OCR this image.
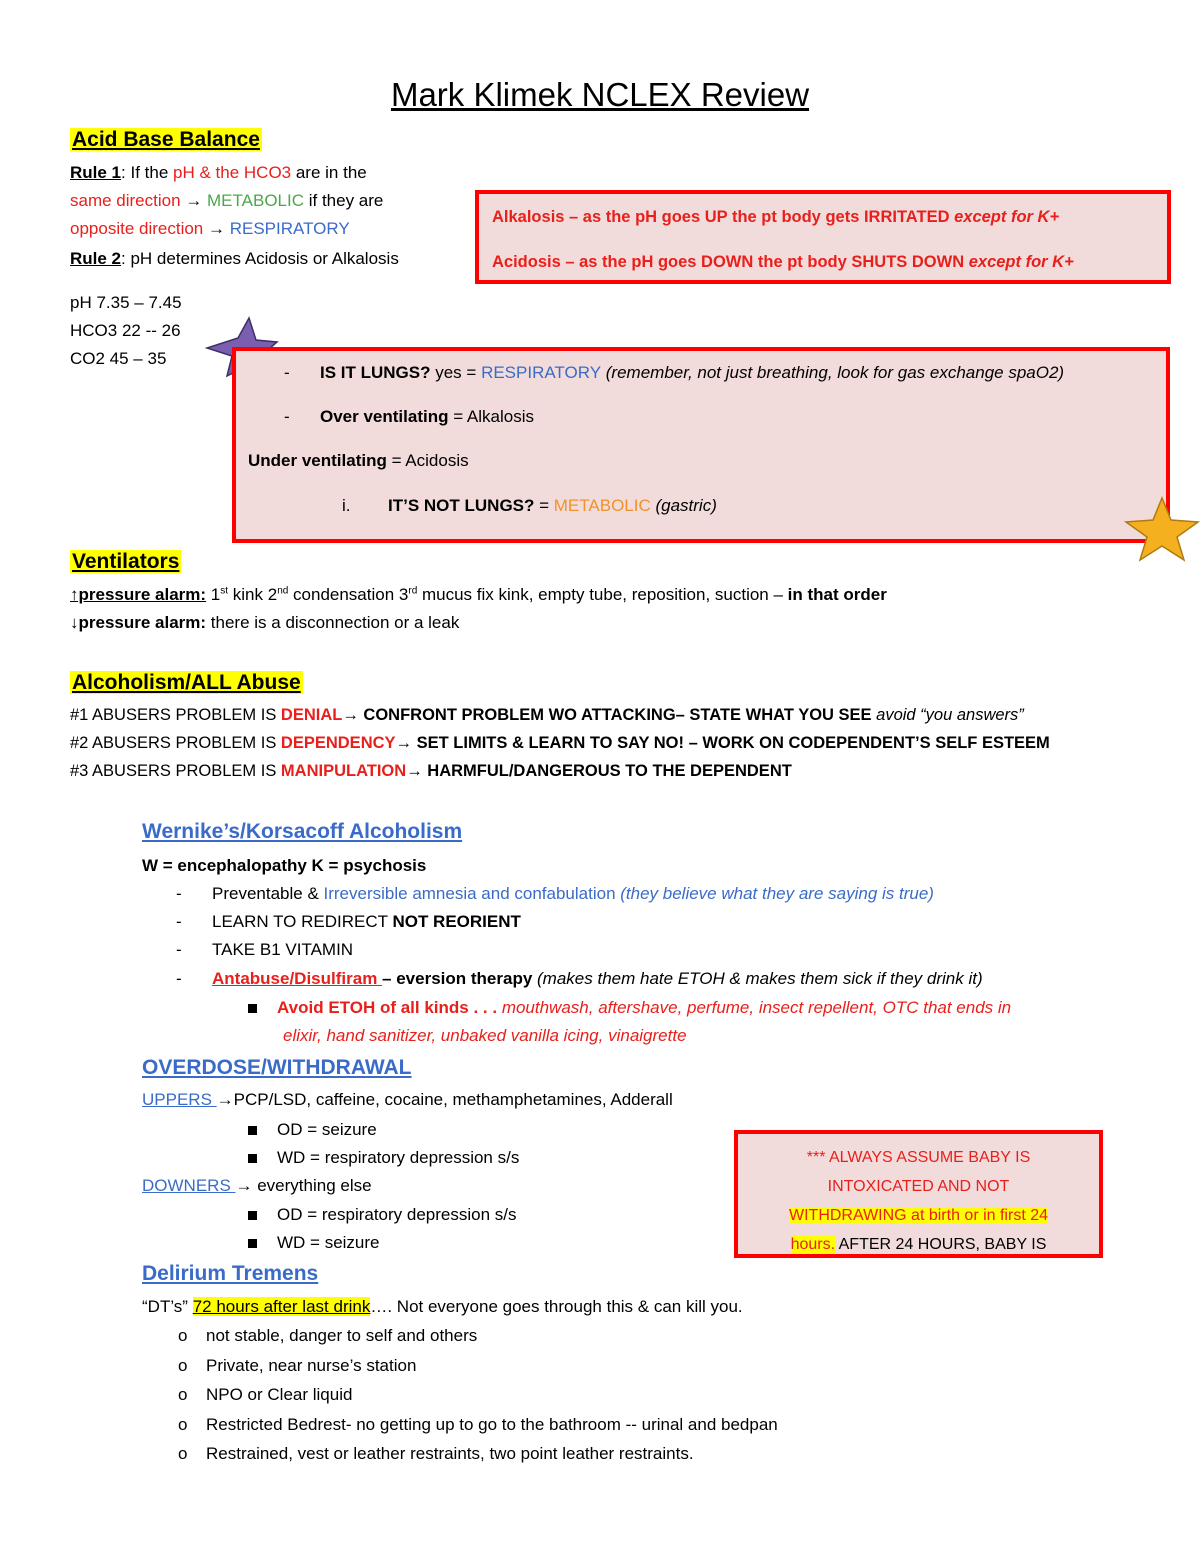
Mark Klimek NCLEX Review
Acid Base Balance
Rule 1: If the pH & the HCO3 are in the
same direction → METABOLIC if they are
opposite direction → RESPIRATORY
Rule 2: pH determines Acidosis or Alkalosis
pH 7.35 – 7.45
HCO3 22 -- 26
CO2 45 – 35
Alkalosis – as the pH goes UP the pt body gets IRRITATED except for K+
Acidosis – as the pH goes DOWN the pt body SHUTS DOWN except for K+
- IS IT LUNGS? yes = RESPIRATORY (remember, not just breathing, look for gas exchange spaO2)
- Over ventilating = Alkalosis
Under ventilating = Acidosis
i. IT’S NOT LUNGS? = METABOLIC (gastric)
Ventilators
↑pressure alarm: 1st kink 2nd condensation 3rd mucus fix kink, empty tube, reposition, suction – in that order
↓pressure alarm: there is a disconnection or a leak
Alcoholism/ALL Abuse
#1 ABUSERS PROBLEM IS DENIAL→ CONFRONT PROBLEM WO ATTACKING– STATE WHAT YOU SEE avoid “you answers”
#2 ABUSERS PROBLEM IS DEPENDENCY→ SET LIMITS & LEARN TO SAY NO! – WORK ON CODEPENDENT’S SELF ESTEEM
#3 ABUSERS PROBLEM IS MANIPULATION→ HARMFUL/DANGEROUS TO THE DEPENDENT
Wernike’s/Korsacoff Alcoholism
W = encephalopathy K = psychosis
- Preventable & Irreversible amnesia and confabulation (they believe what they are saying is true)
- LEARN TO REDIRECT NOT REORIENT
- TAKE B1 VITAMIN
- Antabuse/Disulfiram – eversion therapy (makes them hate ETOH & makes them sick if they drink it)
Avoid ETOH of all kinds . . . mouthwash, aftershave, perfume, insect repellent, OTC that ends in
elixir, hand sanitizer, unbaked vanilla icing, vinaigrette
OVERDOSE/WITHDRAWAL
UPPERS →PCP/LSD, caffeine, cocaine, methamphetamines, Adderall
OD = seizure
WD = respiratory depression s/s
DOWNERS → everything else
OD = respiratory depression s/s
WD = seizure
*** ALWAYS ASSUME BABY IS
INTOXICATED AND NOT
WITHDRAWING at birth or in first 24
hours. AFTER 24 HOURS, BABY IS
Delirium Tremens
“DT’s” 72 hours after last drink…. Not everyone goes through this & can kill you.
o not stable, danger to self and others
o Private, near nurse’s station
o NPO or Clear liquid
o Restricted Bedrest- no getting up to go to the bathroom -- urinal and bedpan
o Restrained, vest or leather restraints, two point leather restraints.
